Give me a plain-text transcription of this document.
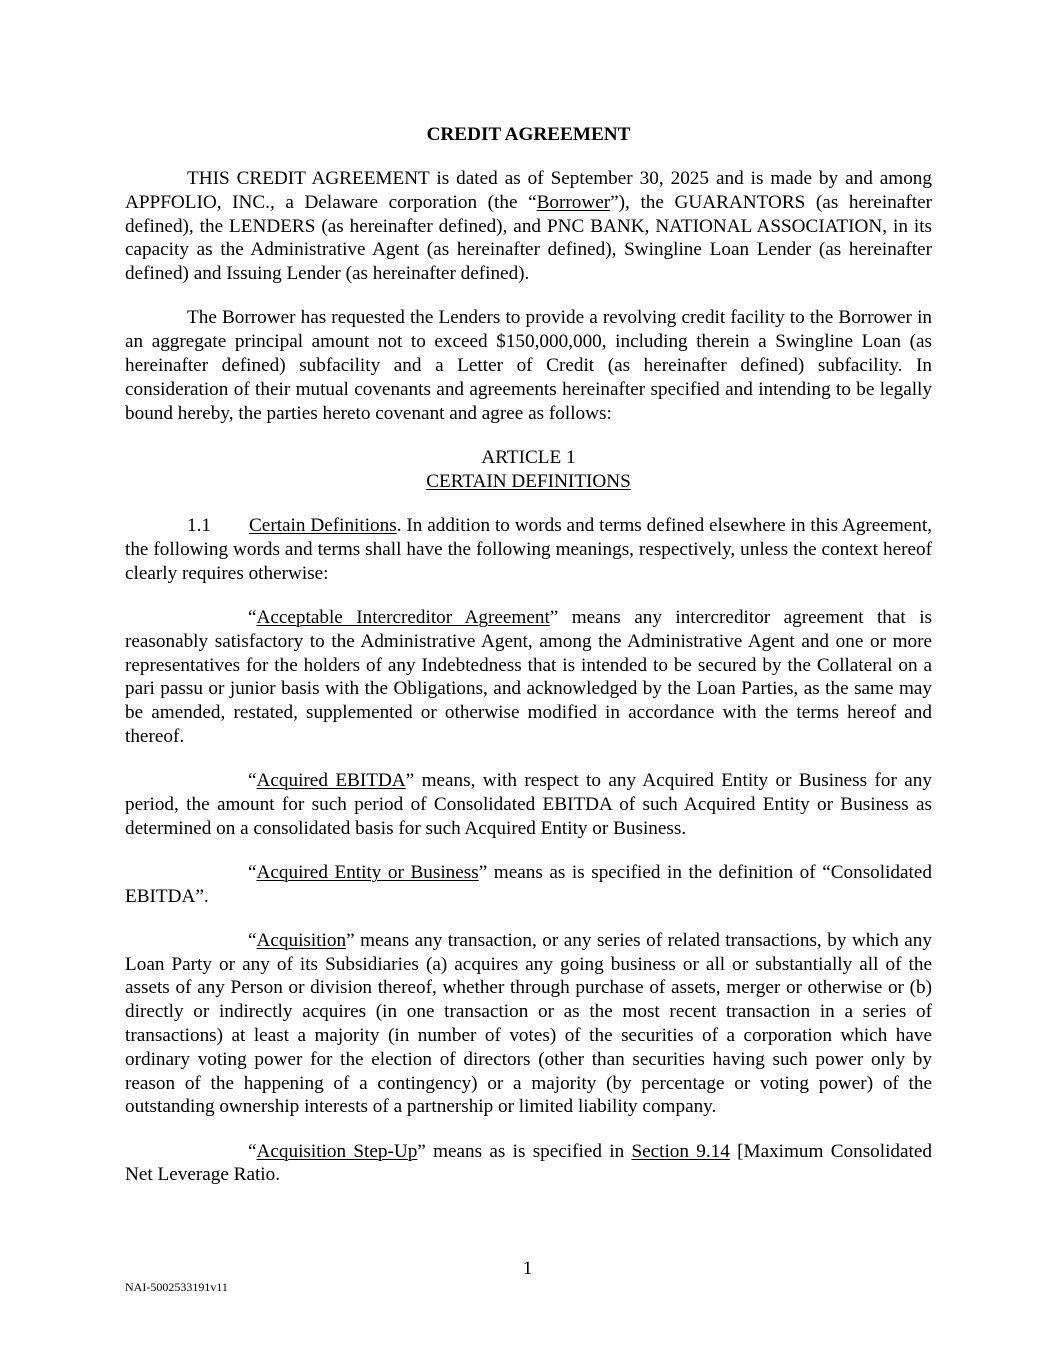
CREDIT AGREEMENT

THIS CREDIT AGREEMENT is dated as of September 30, 2025 and is made by and among APPFOLIO, INC., a Delaware corporation (the “Borrower”), the GUARANTORS (as hereinafter defined), the LENDERS (as hereinafter defined), and PNC BANK, NATIONAL ASSOCIATION, in its capacity as the Administrative Agent (as hereinafter defined), Swingline Loan Lender (as hereinafter defined) and Issuing Lender (as hereinafter defined).

The Borrower has requested the Lenders to provide a revolving credit facility to the Borrower in an aggregate principal amount not to exceed $150,000,000, including therein a Swingline Loan (as hereinafter defined) subfacility and a Letter of Credit (as hereinafter defined) subfacility. In consideration of their mutual covenants and agreements hereinafter specified and intending to be legally bound hereby, the parties hereto covenant and agree as follows:

ARTICLE 1
CERTAIN DEFINITIONS

1.1 Certain Definitions. In addition to words and terms defined elsewhere in this Agreement, the following words and terms shall have the following meanings, respectively, unless the context hereof clearly requires otherwise:

“Acceptable Intercreditor Agreement” means any intercreditor agreement that is reasonably satisfactory to the Administrative Agent, among the Administrative Agent and one or more representatives for the holders of any Indebtedness that is intended to be secured by the Collateral on a pari passu or junior basis with the Obligations, and acknowledged by the Loan Parties, as the same may be amended, restated, supplemented or otherwise modified in accordance with the terms hereof and thereof.

“Acquired EBITDA” means, with respect to any Acquired Entity or Business for any period, the amount for such period of Consolidated EBITDA of such Acquired Entity or Business as determined on a consolidated basis for such Acquired Entity or Business.

“Acquired Entity or Business” means as is specified in the definition of “Consolidated EBITDA”.

“Acquisition” means any transaction, or any series of related transactions, by which any Loan Party or any of its Subsidiaries (a) acquires any going business or all or substantially all of the assets of any Person or division thereof, whether through purchase of assets, merger or otherwise or (b) directly or indirectly acquires (in one transaction or as the most recent transaction in a series of transactions) at least a majority (in number of votes) of the securities of a corporation which have ordinary voting power for the election of directors (other than securities having such power only by reason of the happening of a contingency) or a majority (by percentage or voting power) of the outstanding ownership interests of a partnership or limited liability company.

“Acquisition Step-Up” means as is specified in Section 9.14 [Maximum Consolidated Net Leverage Ratio.

1
NAI-5002533191v11
